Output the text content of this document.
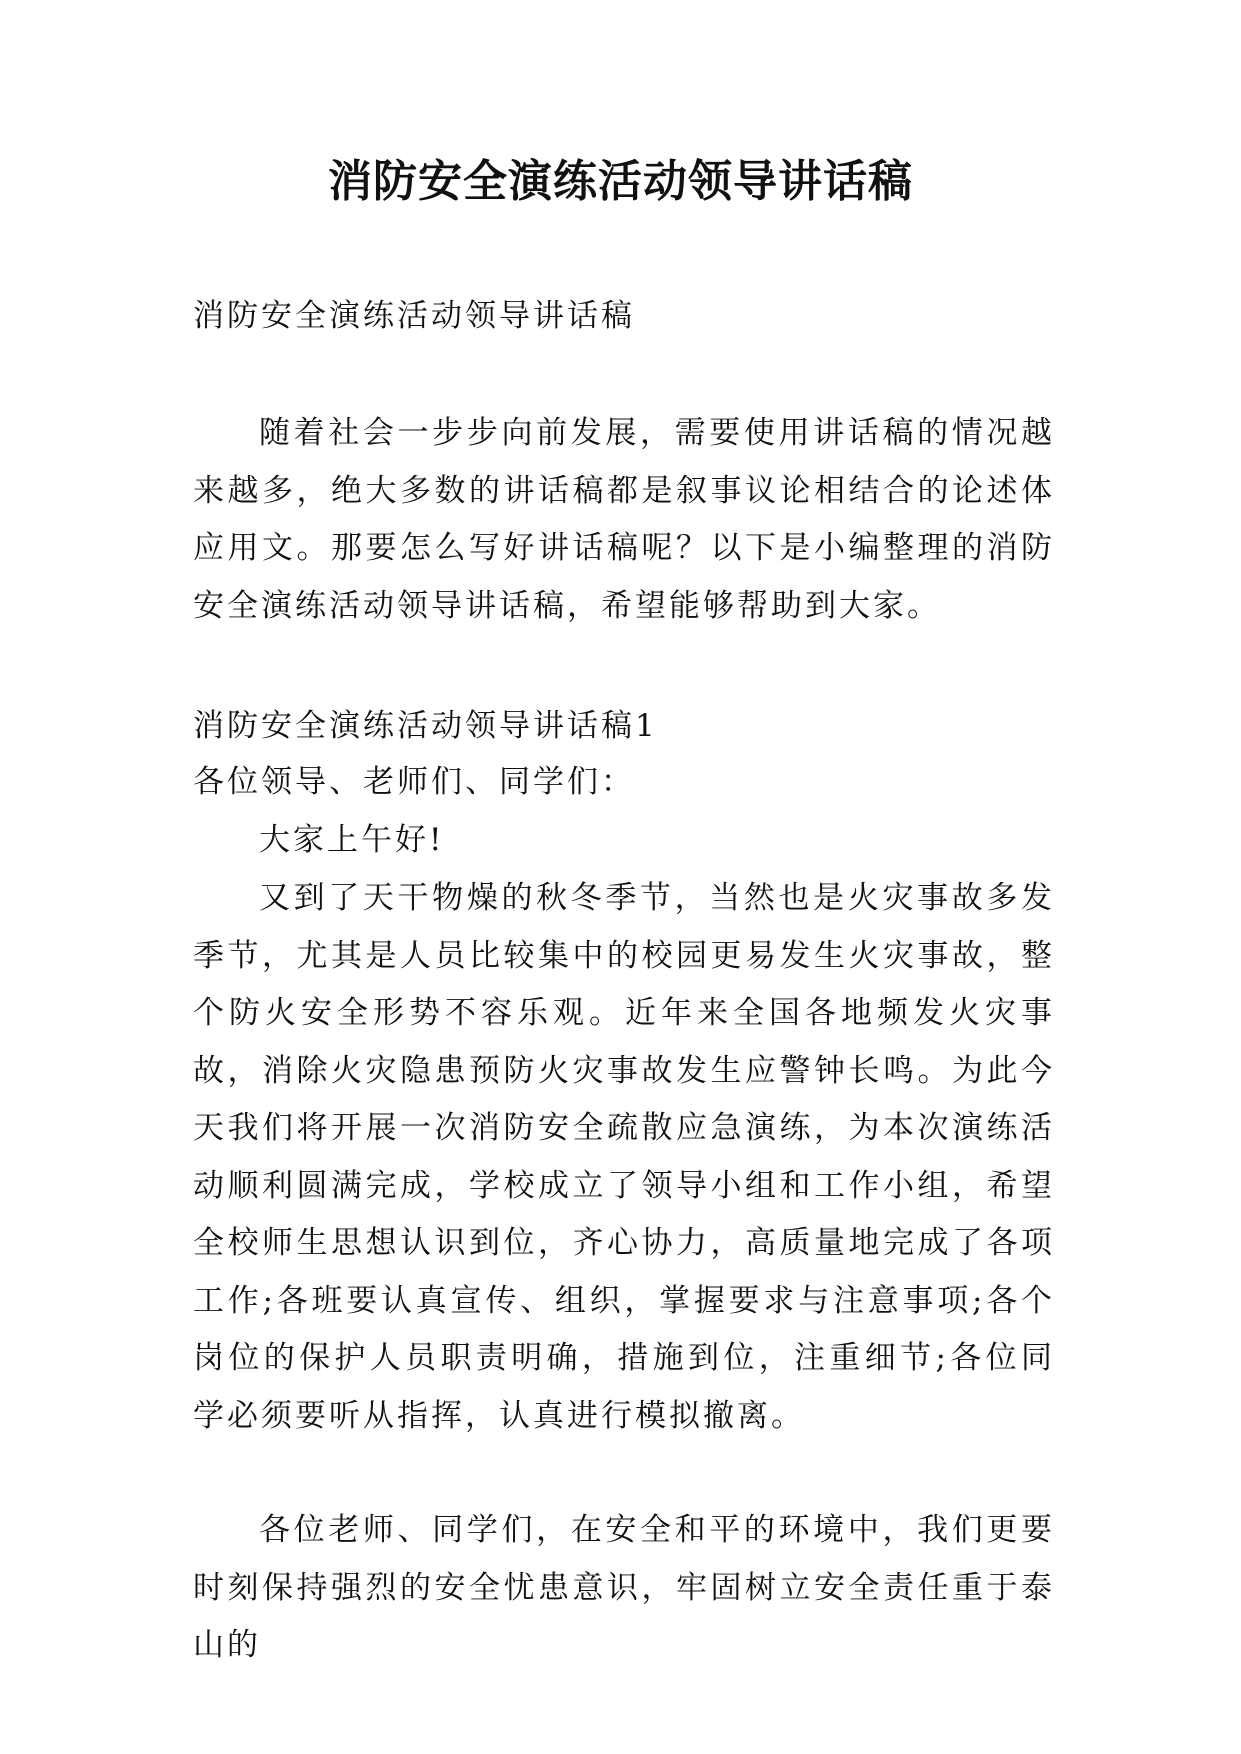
消防安全演练活动领导讲话稿
消防安全演练活动领导讲话稿

随着社会一步步向前发展，需要使用讲话稿的情况越来越多，绝大多数的讲话稿都是叙事议论相结合的论述体应用文。那要怎么写好讲话稿呢？以下是小编整理的消防安全演练活动领导讲话稿，希望能够帮助到大家。

消防安全演练活动领导讲话稿1
各位领导、老师们、同学们：
大家上午好!

又到了天干物燥的秋冬季节，当然也是火灾事故多发季节，尤其是人员比较集中的校园更易发生火灾事故，整个防火安全形势不容乐观。近年来全国各地频发火灾事故，消除火灾隐患预防火灾事故发生应警钟长鸣。为此今天我们将开展一次消防安全疏散应急演练，为本次演练活动顺利圆满完成，学校成立了领导小组和工作小组，希望全校师生思想认识到位，齐心协力，高质量地完成了各项工作;各班要认真宣传、组织，掌握要求与注意事项;各个岗位的保护人员职责明确，措施到位，注重细节;各位同学必须要听从指挥，认真进行模拟撤离。

各位老师、同学们，在安全和平的环境中，我们更要时刻保持强烈的安全忧患意识，牢固树立安全责任重于泰山的
